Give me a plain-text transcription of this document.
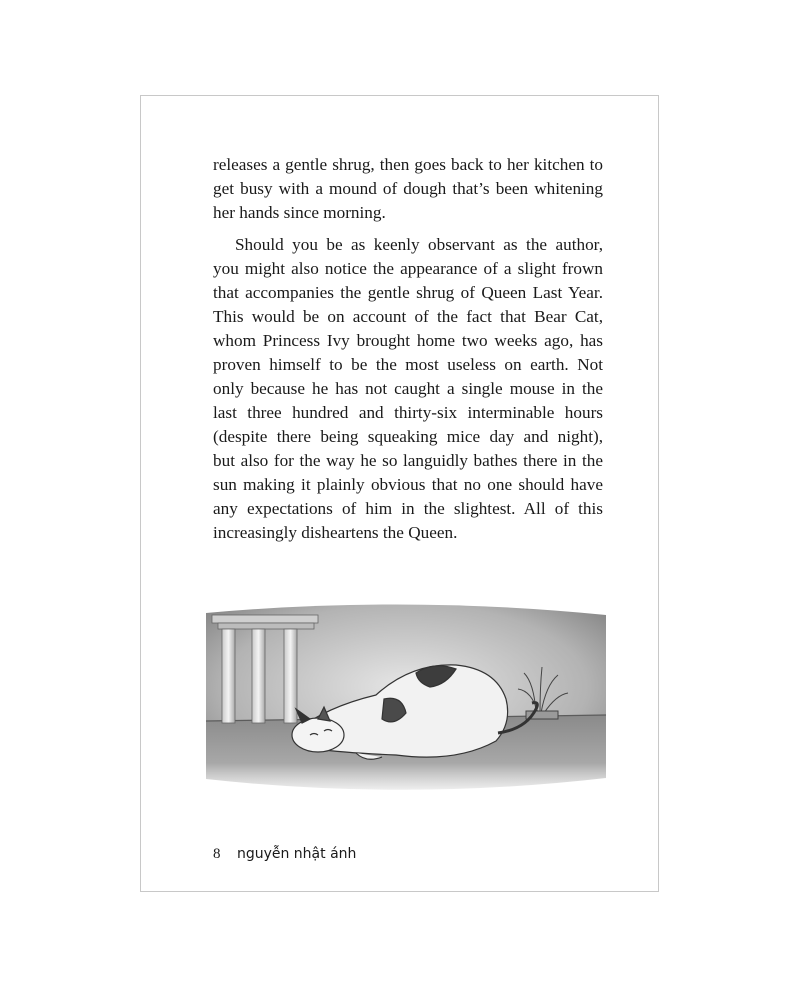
releases a gentle shrug, then goes back to her kitchen to
get busy with a mound of dough that’s been whitening
her hands since morning.

Should you be as keenly observant as the author,
you might also notice the appearance of a slight frown
that accompanies the gentle shrug of Queen Last Year.
This would be on account of the fact that Bear Cat,
whom Princess Ivy brought home two weeks ago, has
proven himself to be the most useless on earth. Not
only because he has not caught a single mouse in the
last three hundred and thirty-six interminable hours
(despite there being squeaking mice day and night),
but also for the way he so languidly bathes there in the
sun making it plainly obvious that no one should have
any expectations of him in the slightest. All of this
increasingly disheartens the Queen.

8 nguyễn nhật ánh
